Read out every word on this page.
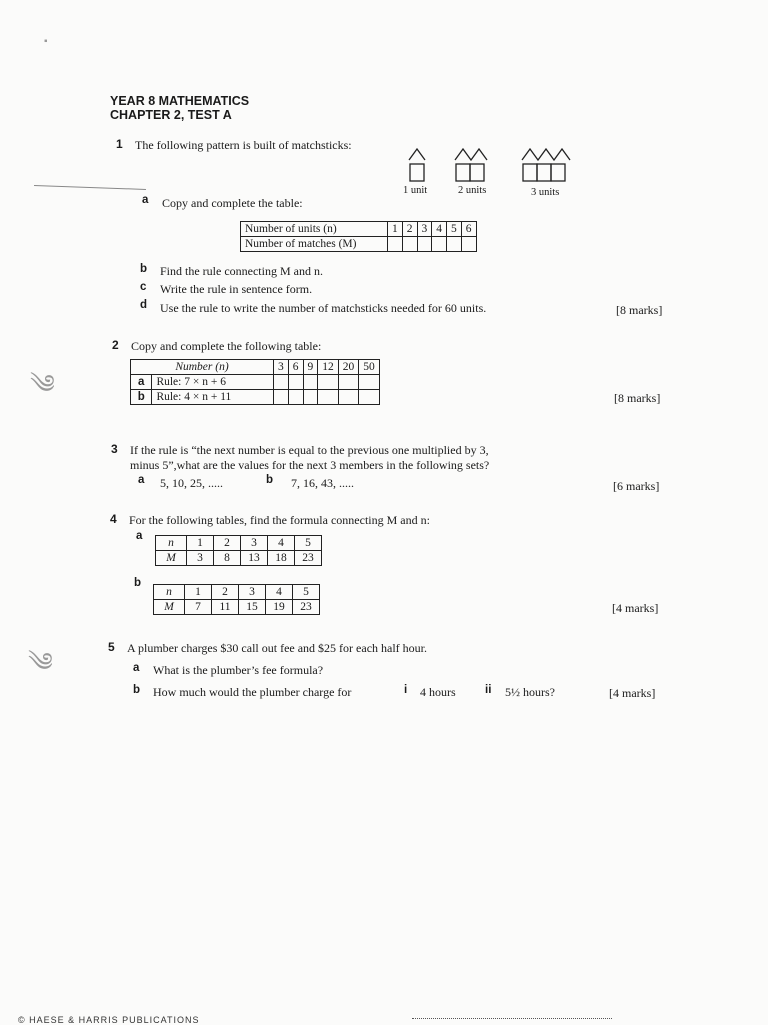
▪
༄
༄
YEAR 8 MATHEMATICS
CHAPTER 2, TEST A
1 The following pattern is built of matchsticks:
1 unit	2 units	3 units
a Copy and complete the table:
Number of units (n)	1	2	3	4	5	6
Number of matches (M)						
b Find the rule connecting M and n.
c Write the rule in sentence form.
d Use the rule to write the number of matchsticks needed for 60 units.	[8 marks]
2 Copy and complete the following table:
Number (n)		3	6	9	12	20	50
a	Rule: 7 × n + 6						
b	Rule: 4 × n + 11							[8 marks]
3 If the rule is “the next number is equal to the previous one multiplied by 3,
minus 5”,what are the values for the next 3 members in the following sets?
a 5, 10, 25, .....	b 7, 16, 43, .....	[6 marks]
4 For the following tables, find the formula connecting M and n:
a
n	1	2	3	4	5
M	3	8	13	18	23
b
n	1	2	3	4	5
M	7	11	15	19	23	[4 marks]
5 A plumber charges $30 call out fee and $25 for each half hour.
a What is the plumber’s fee formula?
b How much would the plumber charge for	i 4 hours	ii 5½ hours?	[4 marks]
© HAESE & HARRIS PUBLICATIONS
